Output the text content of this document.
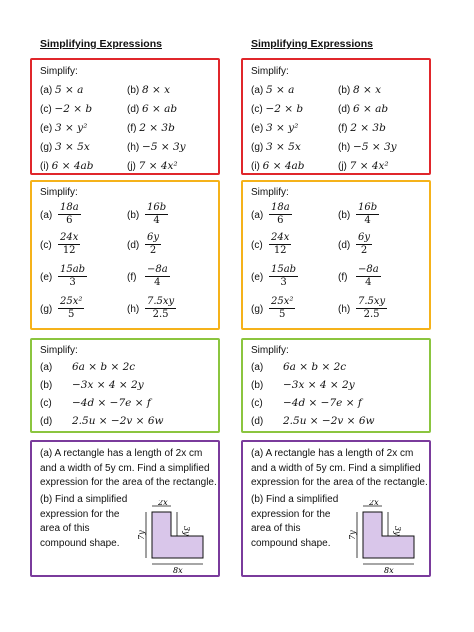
Simplifying Expressions
Simplify:
(a) 5 × a	(b) 8 × x
(c) −2 × b	(d) 6 × ab
(e) 3 × y²	(f) 2 × 3b
(g) 3 × 5x	(h) −5 × 3y
(i) 6 × 4ab	(j) 7 × 4x²
Simplify:
$(a) \frac{18a}{6}$	$(b) \frac{16b}{4}$
$(c) \frac{24x}{12}$	$(d) \frac{6y}{2}$
$(e) \frac{15ab}{3}$	$(f) \frac{-8a}{4}$
$(g) \frac{\text{25x²}}{5}$	$(h) \frac{7.5xy}{2.5}$
Simplify:
(a) 6a × b × 2c
(b) −3x × 4 × 2y
(c) −4d × −7e × f
(d) 2.5u × −2v × 6w
(a) A rectangle has a length of 2x cm
and a width of 5y cm. Find a simplified
expression for the area of the rectangle.
(b) Find a simplified
expression for the
area of this
compound shape.
2x
3y
7y
8x
Simplifying Expressions
Simplify:
(a) 5 × a	(b) 8 × x
(c) −2 × b	(d) 6 × ab
(e) 3 × y²	(f) 2 × 3b
(g) 3 × 5x	(h) −5 × 3y
(i) 6 × 4ab	(j) 7 × 4x²
Simplify:
$(a) \frac{18a}{6}$	$(b) \frac{16b}{4}$
$(c) \frac{24x}{12}$	$(d) \frac{6y}{2}$
$(e) \frac{15ab}{3}$	$(f) \frac{-8a}{4}$
$(g) \frac{\text{25x²}}{5}$	$(h) \frac{7.5xy}{2.5}$
Simplify:
(a) 6a × b × 2c
(b) −3x × 4 × 2y
(c) −4d × −7e × f
(d) 2.5u × −2v × 6w
(a) A rectangle has a length of 2x cm
and a width of 5y cm. Find a simplified
expression for the area of the rectangle.
(b) Find a simplified
expression for the
area of this
compound shape.
2x
3y
7y
8x
